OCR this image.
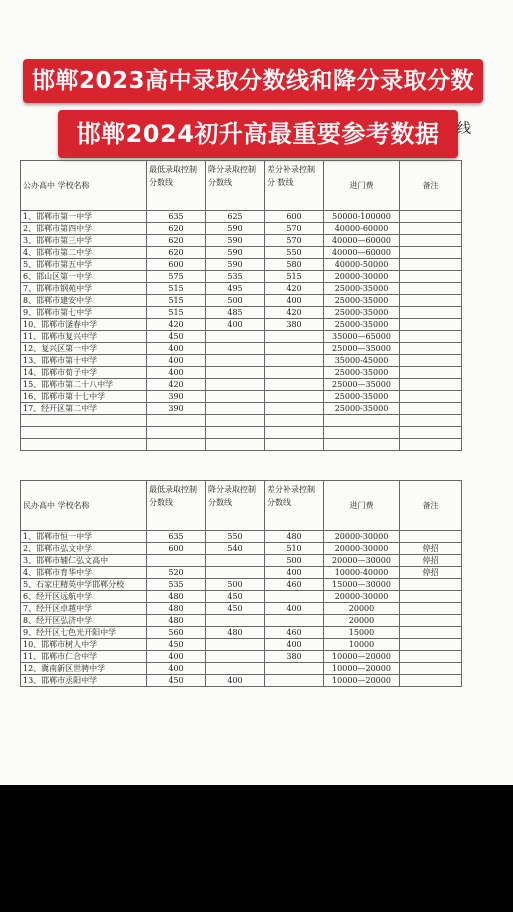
邯郸2023高中录取分数线和降分录取分数
邯郸2024初升高最重要参考数据	线
公办高中 学校名称	最低录取控制分数线	降分录取控制分数线	差分补录控制 分 数线	进门费	备注
1、邯郸市第一中学	635	625	600	50000-100000	
2、邯郸市第四中学	620	590	570	40000-60000	
3、邯郸市第三中学	620	590	570	40000—60000	
4、邯郸市第二中学	620	590	550	40000—60000	
5、邯郸市第五中学	600	590	580	40000-50000	
6、邯山区第一中学	575	535	515	20000-30000	
7、邯郸市钢苑中学	515	495	420	25000-35000	
8、邯郸市建安中学	515	500	400	25000-35000	
9、邯郸市第七中学	515	485	420	25000-35000	
10、邯郸市滏春中学	420	400	380	25000-35000	
11、邯郸市复兴中学	450			35000—65000	
12、复兴区第一中学	400			25000—35000	
13、邯郸市第十中学	400			35000-45000	
14、邯郸市荀子中学	400			25000-35000	
15、邯郸市第二十八中学	420			25000—35000	
16、邯郸市第十七中学	390			25000-35000	
17、经开区第二中学	390			25000-35000	

民办高中 学校名称	最低录取控制分数线	降分录取控制分数线	差分补录控制分数线	进门费	备注
1、邯郸市恒一中学	635	550	480	20000-30000	
2、邯郸市弘文中学	600	540	510	20000-30000	停招
3、邯郸市辅仁弘文高中			500	20000—30000	停招
4、邯郸市育华中学	520		400	10000-40000	停招
5、石家庄精英中学邯郸分校	535	500	460	15000—30000	
6、经开区远航中学	480	450		20000-30000	
7、经开区卓越中学	480	450	400	20000	
8、经开区弘济中学	480			20000	
9、经开区七色光开阳中学	560	480	460	15000	
10、邯郸市树人中学	450		400	10000	
11、邯郸市仁合中学	400		380	10000—20000	
12、冀南新区世骋中学	400			10000—20000	
13、邯郸市丞阳中学	450	400		10000—20000	
